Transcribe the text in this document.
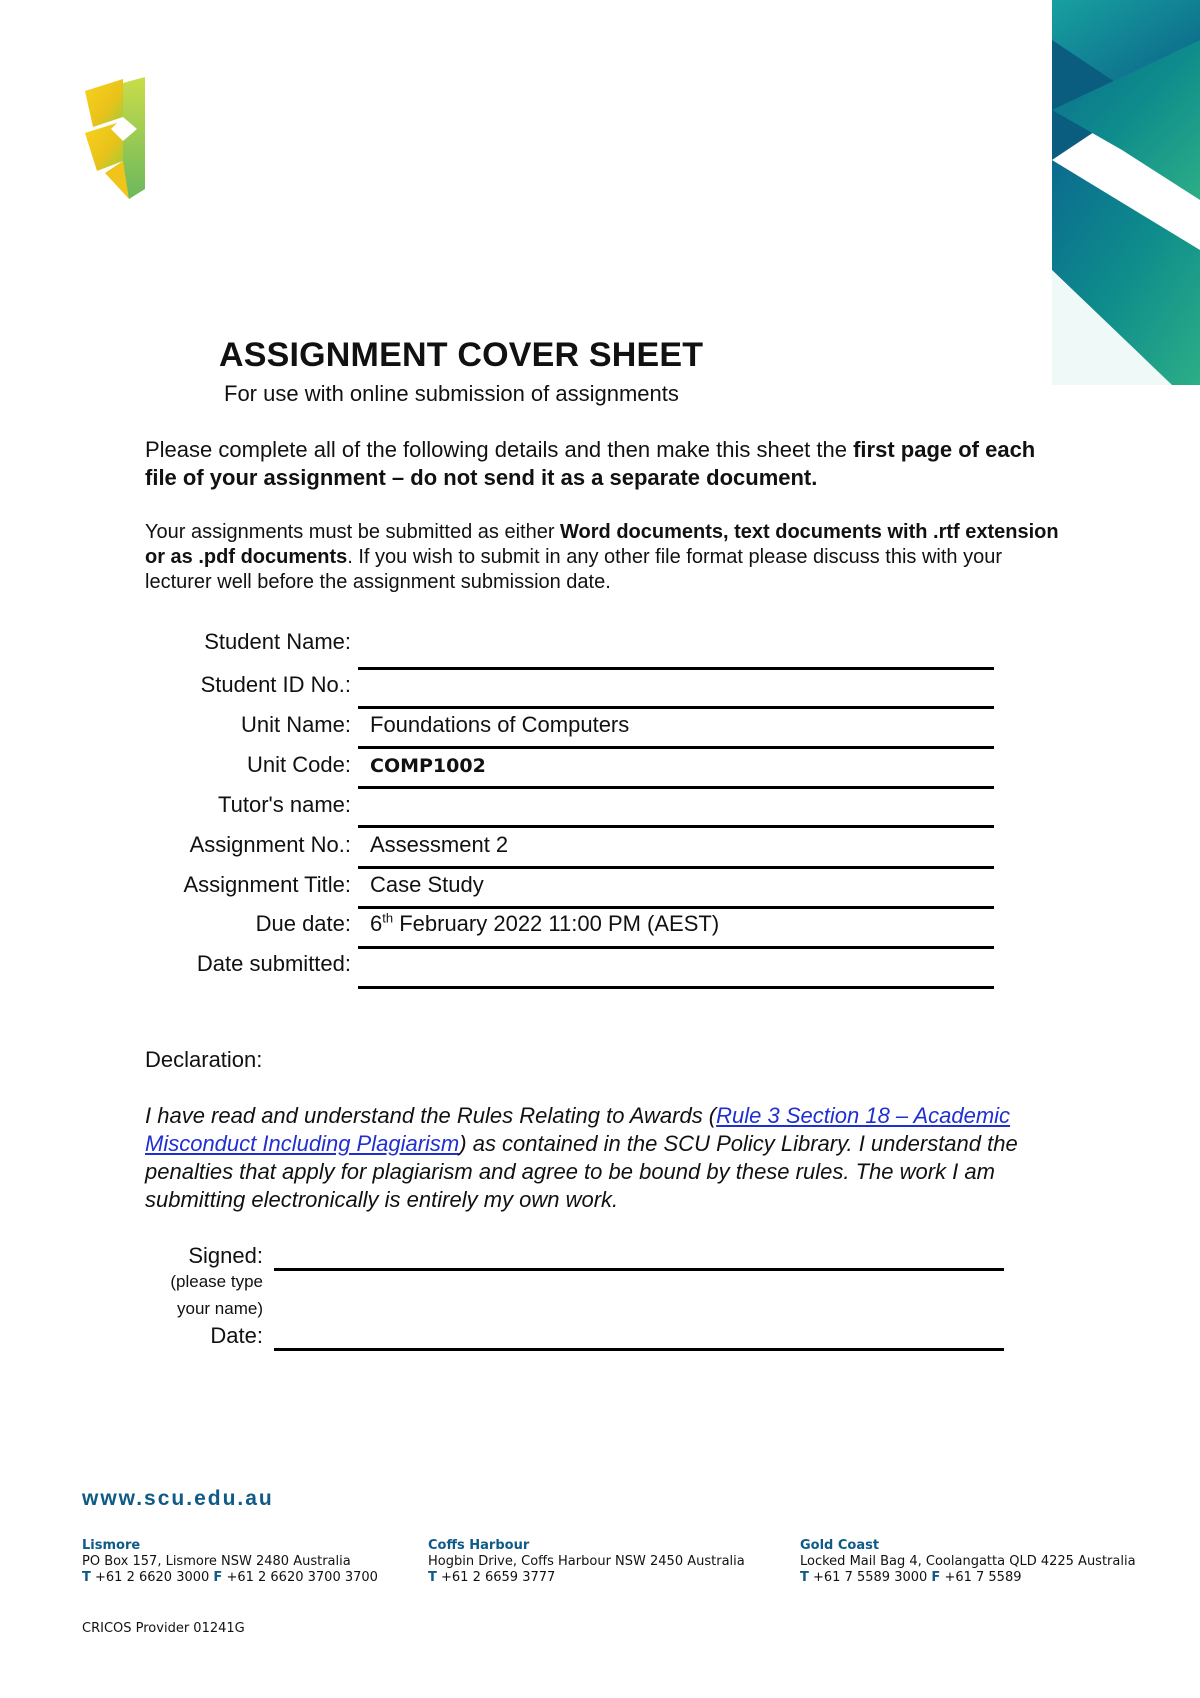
ASSIGNMENT COVER SHEET
For use with online submission of assignments
Please complete all of the following details and then make this sheet the first page of each file of your assignment – do not send it as a separate document.
Your assignments must be submitted as either Word documents, text documents with .rtf extension or as .pdf documents. If you wish to submit in any other file format please discuss this with your lecturer well before the assignment submission date.
Student Name:
Student ID No.:
Unit Name: Foundations of Computers
Unit Code: COMP1002
Tutor's name:
Assignment No.: Assessment 2
Assignment Title: Case Study
Due date: 6th February 2022 11:00 PM (AEST)
Date submitted:
Declaration:
I have read and understand the Rules Relating to Awards (Rule 3 Section 18 – Academic Misconduct Including Plagiarism) as contained in the SCU Policy Library. I understand the penalties that apply for plagiarism and agree to be bound by these rules. The work I am submitting electronically is entirely my own work.
Signed:
(please type
your name)
Date:
www.scu.edu.au
Lismore
PO Box 157, Lismore NSW 2480 Australia
T +61 2 6620 3000 F +61 2 6620 3700 3700
Coffs Harbour
Hogbin Drive, Coffs Harbour NSW 2450 Australia
T +61 2 6659 3777
Gold Coast
Locked Mail Bag 4, Coolangatta QLD 4225 Australia
T +61 7 5589 3000 F +61 7 5589
CRICOS Provider 01241G
